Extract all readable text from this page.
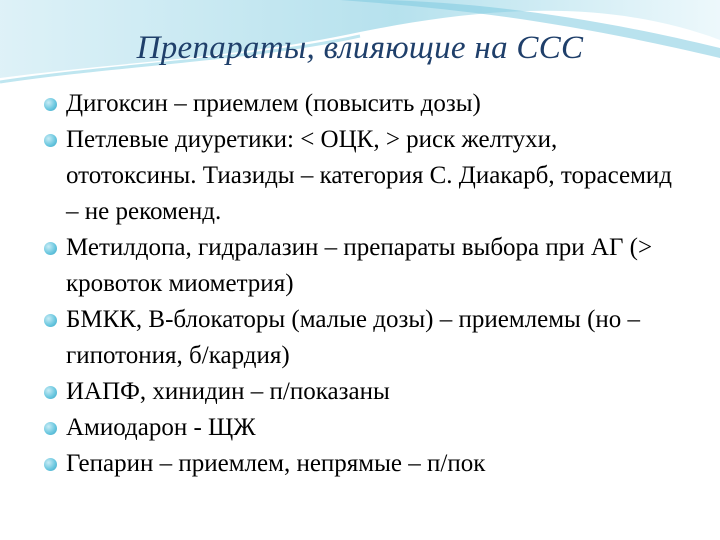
Препараты, влияющие на ССС
Дигоксин – приемлем (повысить дозы)
Петлевые диуретики: < ОЦК, > риск желтухи, ототоксины. Тиазиды – категория С. Диакарб, торасемид – не рекоменд.
Метилдопа, гидралазин – препараты выбора при АГ (> кровоток миометрия)
БМКК, В-блокаторы (малые дозы) – приемлемы (но –гипотония, б/кардия)
ИАПФ, хинидин – п/показаны
Амиодарон - ЩЖ
Гепарин – приемлем, непрямые – п/пок
